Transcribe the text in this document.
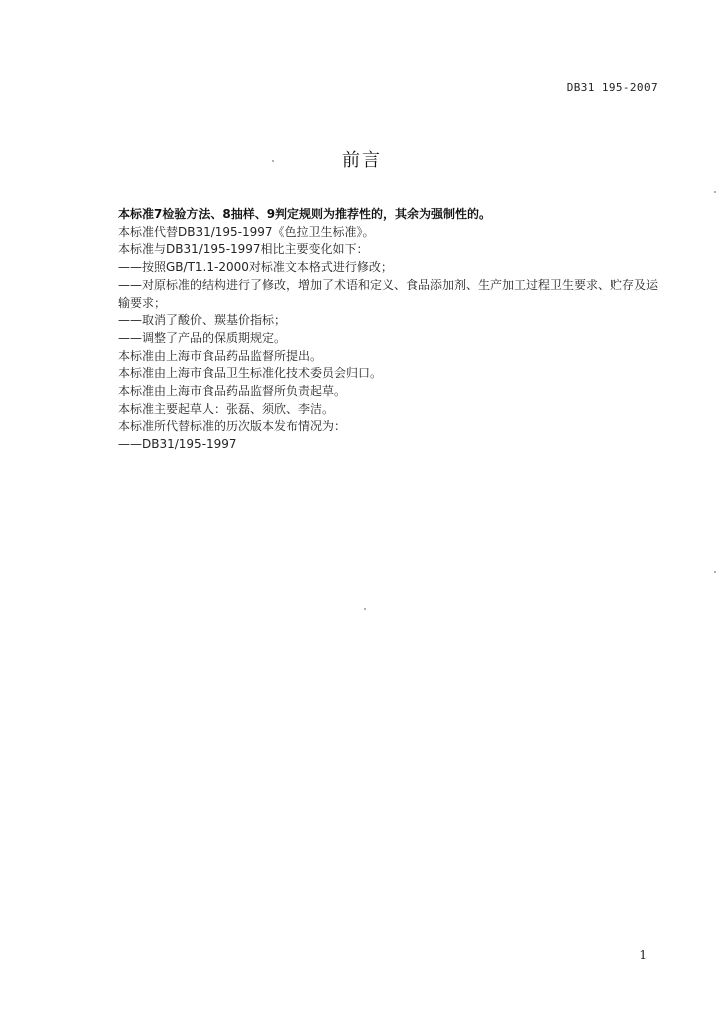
DB31 195-2007
前言

本标准7检验方法、8抽样、9判定规则为推荐性的，其余为强制性的。

本标准代替DB31/195-1997《色拉卫生标准》。

本标准与DB31/195-1997相比主要变化如下：

——按照GB/T1.1-2000对标准文本格式进行修改；

——对原标准的结构进行了修改，增加了术语和定义、食品添加剂、生产加工过程卫生要求、贮存及运输要求；

——取消了酸价、羰基价指标；

——调整了产品的保质期规定。

本标准由上海市食品药品监督所提出。

本标准由上海市食品卫生标准化技术委员会归口。

本标准由上海市食品药品监督所负责起草。

本标准主要起草人：张磊、须欣、李洁。

本标准所代替标准的历次版本发布情况为：

——DB31/195-1997

1
